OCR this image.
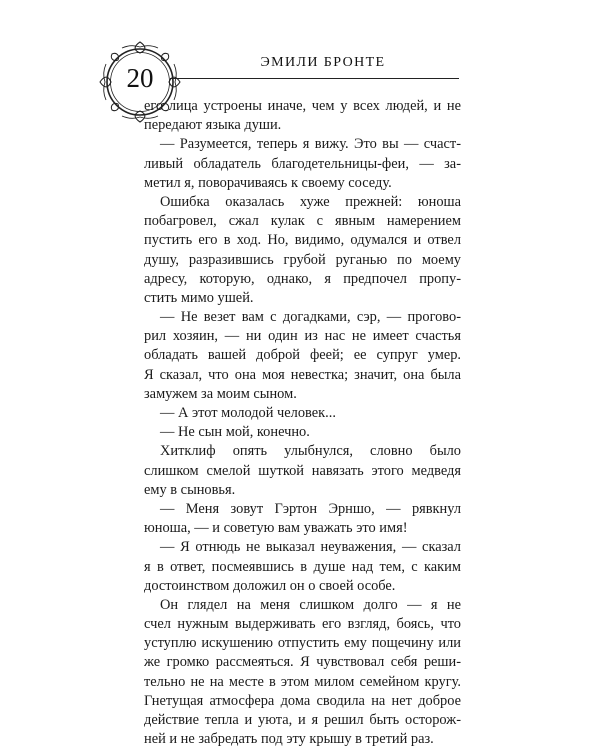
20
ЭМИЛИ БРОНТЕ
его лица устроены иначе, чем у всех людей, и не
передают языка души.
— Разумеется, теперь я вижу. Это вы — счаст-
ливый обладатель благодетельницы-феи, — за-
метил я, поворачиваясь к своему соседу.
Ошибка оказалась хуже прежней: юноша
побагровел, сжал кулак с явным намерением
пустить его в ход. Но, видимо, одумался и отвел
душу, разразившись грубой руганью по моему
адресу, которую, однако, я предпочел пропу-
стить мимо ушей.
— Не везет вам с догадками, сэр, — прогово-
рил хозяин, — ни один из нас не имеет счастья
обладать вашей доброй феей; ее супруг умер.
Я сказал, что она моя невестка; значит, она была
замужем за моим сыном.
— А этот молодой человек...
— Не сын мой, конечно.
Хитклиф опять улыбнулся, словно было
слишком смелой шуткой навязать этого медведя
ему в сыновья.
— Меня зовут Гэртон Эрншо, — рявкнул
юноша, — и советую вам уважать это имя!
— Я отнюдь не выказал неуважения, — сказал
я в ответ, посмеявшись в душе над тем, с каким
достоинством доложил он о своей особе.
Он глядел на меня слишком долго — я не
счел нужным выдерживать его взгляд, боясь, что
уступлю искушению отпустить ему пощечину или
же громко рассмеяться. Я чувствовал себя реши-
тельно не на месте в этом милом семейном кругу.
Гнетущая атмосфера дома сводила на нет доброе
действие тепла и уюта, и я решил быть осторож-
ней и не забредать под эту крышу в третий раз.
